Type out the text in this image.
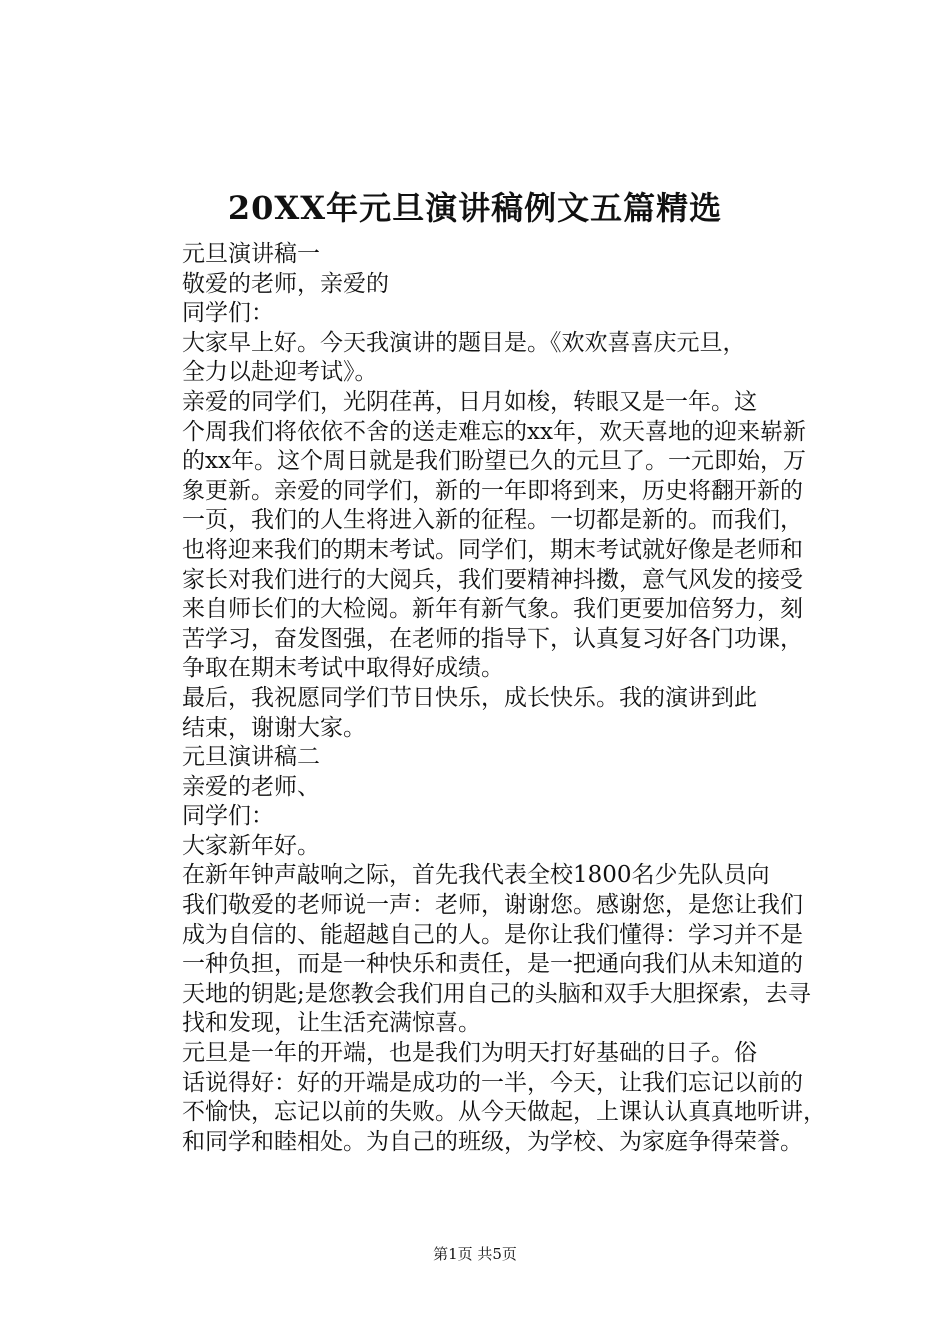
20XX年元旦演讲稿例文五篇精选
元旦演讲稿一
敬爱的老师，亲爱的
同学们：
大家早上好。今天我演讲的题目是。《欢欢喜喜庆元旦，
全力以赴迎考试》。
亲爱的同学们，光阴荏苒，日月如梭，转眼又是一年。这
个周我们将依依不舍的送走难忘的xx年，欢天喜地的迎来崭新
的xx年。这个周日就是我们盼望已久的元旦了。一元即始，万
象更新。亲爱的同学们，新的一年即将到来，历史将翻开新的
一页，我们的人生将进入新的征程。一切都是新的。而我们，
也将迎来我们的期末考试。同学们，期末考试就好像是老师和
家长对我们进行的大阅兵，我们要精神抖擞，意气风发的接受
来自师长们的大检阅。新年有新气象。我们更要加倍努力，刻
苦学习，奋发图强，在老师的指导下，认真复习好各门功课，
争取在期末考试中取得好成绩。
最后，我祝愿同学们节日快乐，成长快乐。我的演讲到此
结束，谢谢大家。
元旦演讲稿二
亲爱的老师、
同学们：
大家新年好。
在新年钟声敲响之际，首先我代表全校1800名少先队员向
我们敬爱的老师说一声：老师，谢谢您。感谢您，是您让我们
成为自信的、能超越自己的人。是你让我们懂得：学习并不是
一种负担，而是一种快乐和责任，是一把通向我们从未知道的
天地的钥匙;是您教会我们用自己的头脑和双手大胆探索，去寻
找和发现，让生活充满惊喜。
元旦是一年的开端，也是我们为明天打好基础的日子。俗
话说得好：好的开端是成功的一半，今天，让我们忘记以前的
不愉快，忘记以前的失败。从今天做起，上课认认真真地听讲，
和同学和睦相处。为自己的班级，为学校、为家庭争得荣誉。
第1页 共5页
